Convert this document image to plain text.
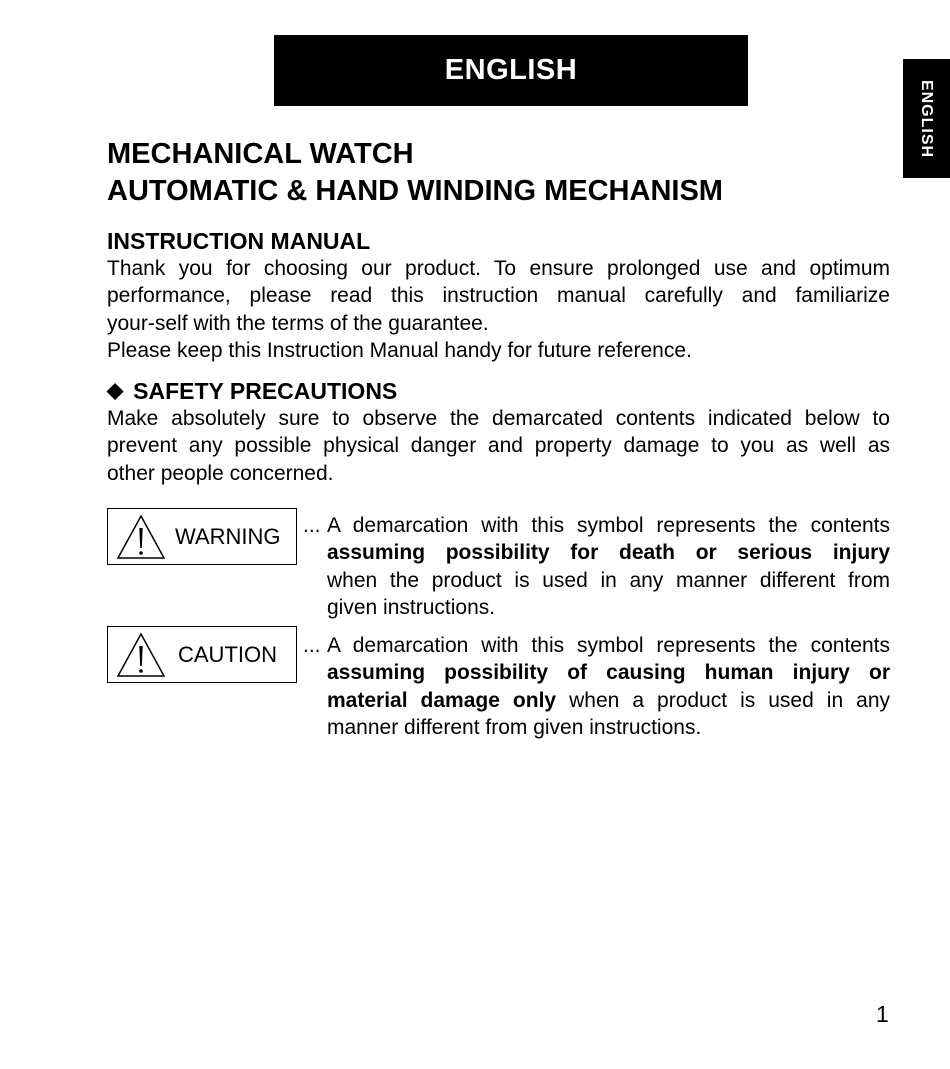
ENGLISH
ENGLISH
MECHANICAL WATCH
AUTOMATIC & HAND WINDING MECHANISM
INSTRUCTION MANUAL

Thank you for choosing our product. To ensure prolonged use and optimum
performance, please read this instruction manual carefully and familiarize
your-self with the terms of the guarantee.
Please keep this Instruction Manual handy for future reference.

◆ SAFETY PRECAUTIONS

Make absolutely sure to observe the demarcated contents indicated below to
prevent any possible physical danger and property damage to you as well as
other people concerned.

WARNING ... A demarcation with this symbol represents the contents
assuming possibility for death or serious injury
when the product is used in any manner different from
given instructions.

CAUTION ... A demarcation with this symbol represents the contents
assuming possibility of causing human injury or
material damage only when a product is used in any
manner different from given instructions.

1
